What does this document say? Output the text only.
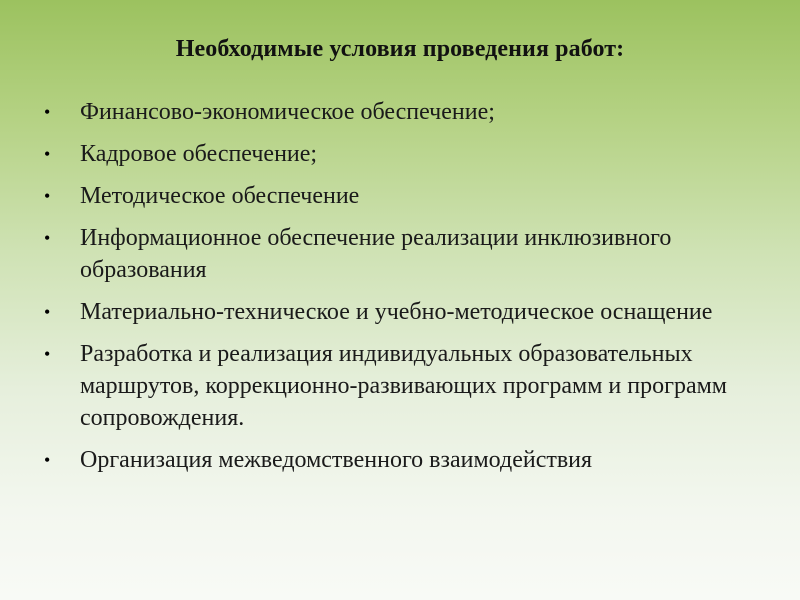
Необходимые условия проведения работ:
•	Финансово-экономическое обеспечение;
•	Кадровое обеспечение;
•	Методическое обеспечение
•	Информационное обеспечение реализации инклюзивного образования
•	Материально-техническое и учебно-методическое оснащение
•	Разработка и реализация индивидуальных образовательных маршрутов, коррекционно-развивающих программ и программ сопровождения.
•	Организация межведомственного взаимодействия
